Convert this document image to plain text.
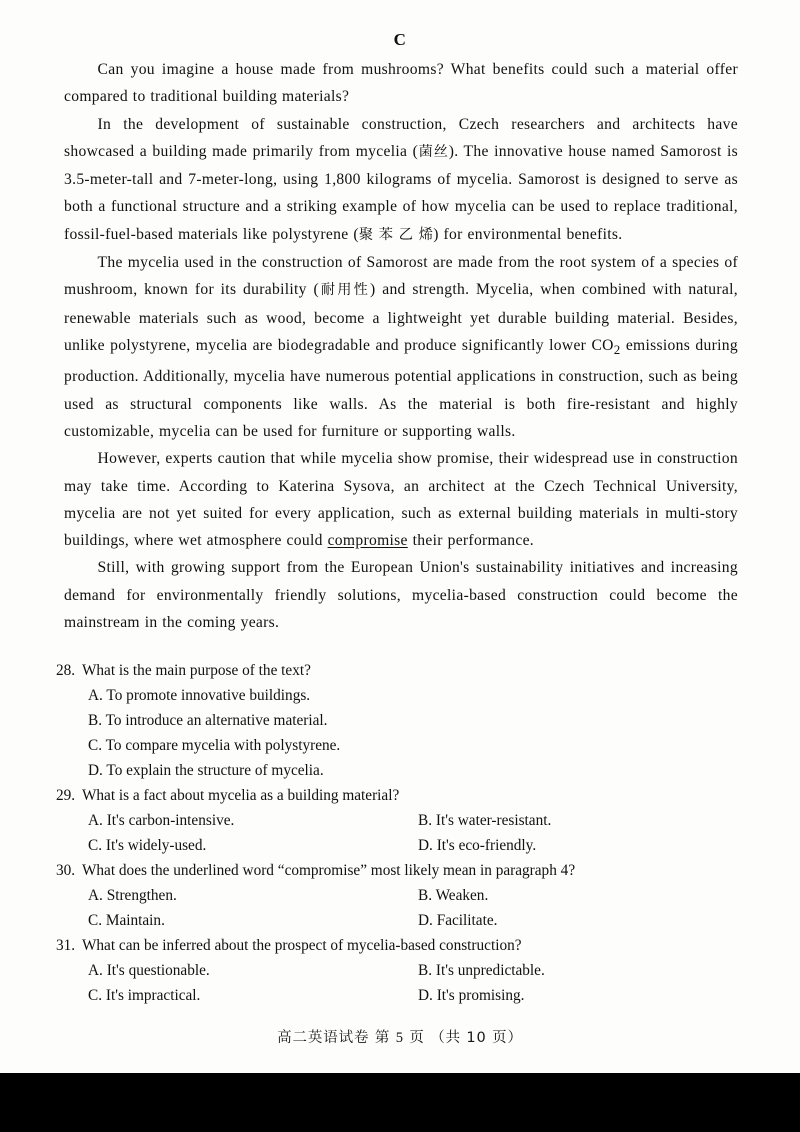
C

Can you imagine a house made from mushrooms? What benefits could such a material offer compared to traditional building materials?

In the development of sustainable construction, Czech researchers and architects have showcased a building made primarily from mycelia (菌丝). The innovative house named Samorost is 3.5-meter-tall and 7-meter-long, using 1,800 kilograms of mycelia. Samorost is designed to serve as both a functional structure and a striking example of how mycelia can be used to replace traditional, fossil-fuel-based materials like polystyrene (聚 苯 乙 烯) for environmental benefits.

The mycelia used in the construction of Samorost are made from the root system of a species of mushroom, known for its durability (耐用性) and strength. Mycelia, when combined with natural, renewable materials such as wood, become a lightweight yet durable building material. Besides, unlike polystyrene, mycelia are biodegradable and produce significantly lower $CO_2$ emissions during production. Additionally, mycelia have numerous potential applications in construction, such as being used as structural components like walls. As the material is both fire-resistant and highly customizable, mycelia can be used for furniture or supporting walls.

However, experts caution that while mycelia show promise, their widespread use in construction may take time. According to Katerina Sysova, an architect at the Czech Technical University, mycelia are not yet suited for every application, such as external building materials in multi-story buildings, where wet atmosphere could compromise their performance.

Still, with growing support from the European Union's sustainability initiatives and increasing demand for environmentally friendly solutions, mycelia-based construction could become the mainstream in the coming years.

28. What is the main purpose of the text?
A. To promote innovative buildings.
B. To introduce an alternative material.
C. To compare mycelia with polystyrene.
D. To explain the structure of mycelia.
29. What is a fact about mycelia as a building material?
A. It's carbon-intensive.	B. It's water-resistant.
C. It's widely-used.	D. It's eco-friendly.
30. What does the underlined word “compromise” most likely mean in paragraph 4?
A. Strengthen.	B. Weaken.
C. Maintain.	D. Facilitate.
31. What can be inferred about the prospect of mycelia-based construction?
A. It's questionable.	B. It's unpredictable.
C. It's impractical.	D. It's promising.
高二英语试卷 第 5 页 （共 10 页）
